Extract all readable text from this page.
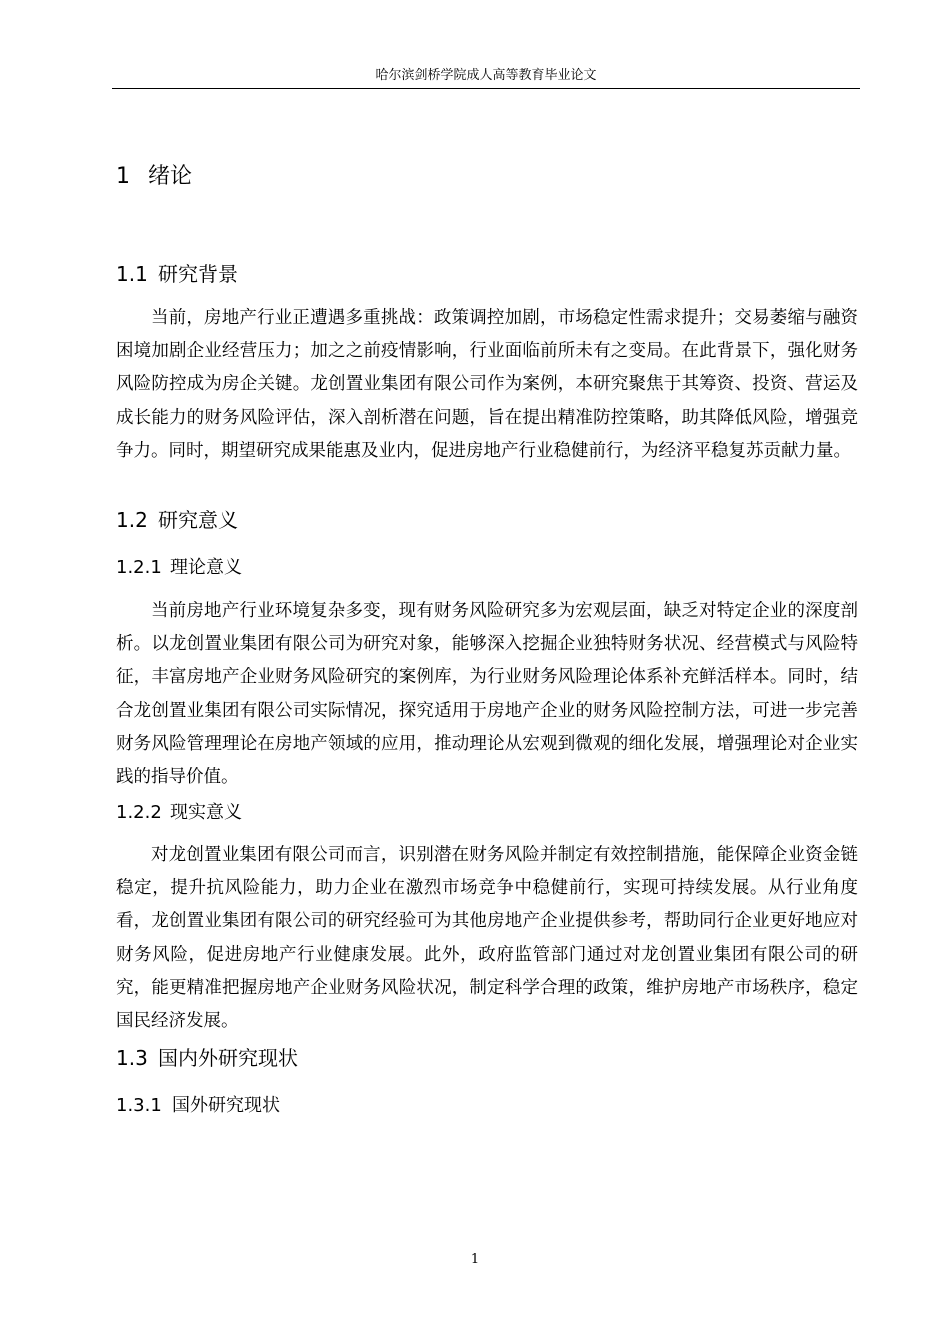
哈尔滨剑桥学院成人高等教育毕业论文
1 绪论
1.1 研究背景
当前，房地产行业正遭遇多重挑战：政策调控加剧，市场稳定性需求提升；交易萎缩与融资困境加剧企业经营压力；加之之前疫情影响，行业面临前所未有之变局。在此背景下，强化财务风险防控成为房企关键。龙创置业集团有限公司作为案例，本研究聚焦于其筹资、投资、营运及成长能力的财务风险评估，深入剖析潜在问题，旨在提出精准防控策略，助其降低风险，增强竞争力。同时，期望研究成果能惠及业内，促进房地产行业稳健前行，为经济平稳复苏贡献力量。
1.2 研究意义
1.2.1 理论意义
当前房地产行业环境复杂多变，现有财务风险研究多为宏观层面，缺乏对特定企业的深度剖析。以龙创置业集团有限公司为研究对象，能够深入挖掘企业独特财务状况、经营模式与风险特征，丰富房地产企业财务风险研究的案例库，为行业财务风险理论体系补充鲜活样本。同时，结合龙创置业集团有限公司实际情况，探究适用于房地产企业的财务风险控制方法，可进一步完善财务风险管理理论在房地产领域的应用，推动理论从宏观到微观的细化发展，增强理论对企业实践的指导价值。
1.2.2 现实意义
对龙创置业集团有限公司而言，识别潜在财务风险并制定有效控制措施，能保障企业资金链稳定，提升抗风险能力，助力企业在激烈市场竞争中稳健前行，实现可持续发展。从行业角度看，龙创置业集团有限公司的研究经验可为其他房地产企业提供参考，帮助同行企业更好地应对财务风险，促进房地产行业健康发展。此外，政府监管部门通过对龙创置业集团有限公司的研究，能更精准把握房地产企业财务风险状况，制定科学合理的政策，维护房地产市场秩序，稳定国民经济发展。
1.3 国内外研究现状
1.3.1 国外研究现状
1
